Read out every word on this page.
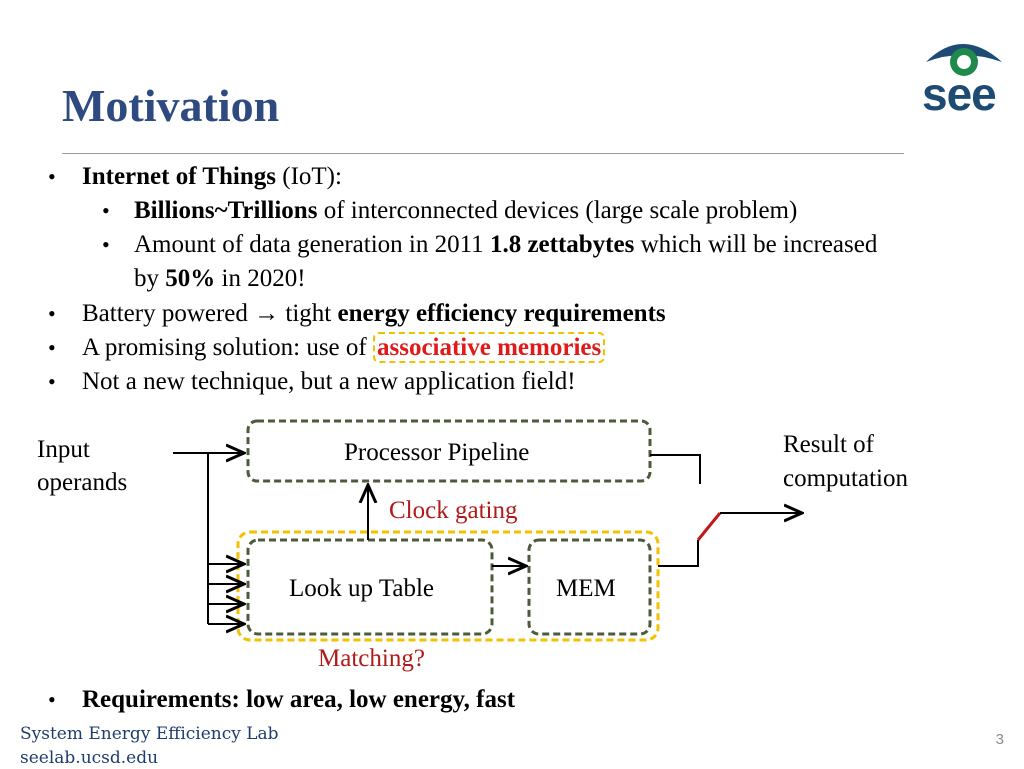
Motivation	see
• Internet of Things (IoT):
• Billions~Trillions of interconnected devices (large scale problem)
• Amount of data generation in 2011 1.8 zettabytes which will be increased
by 50% in 2020!
• Battery powered → tight energy efficiency requirements
• A promising solution: use of associative memories
• Not a new technique, but a new application field!
• Requirements: low area, low energy, fast
Input
operands
Processor Pipeline
Clock gating
Look up Table	MEM
Matching?
Result of
computation
System Energy Efficiency Lab
seelab.ucsd.edu
3
